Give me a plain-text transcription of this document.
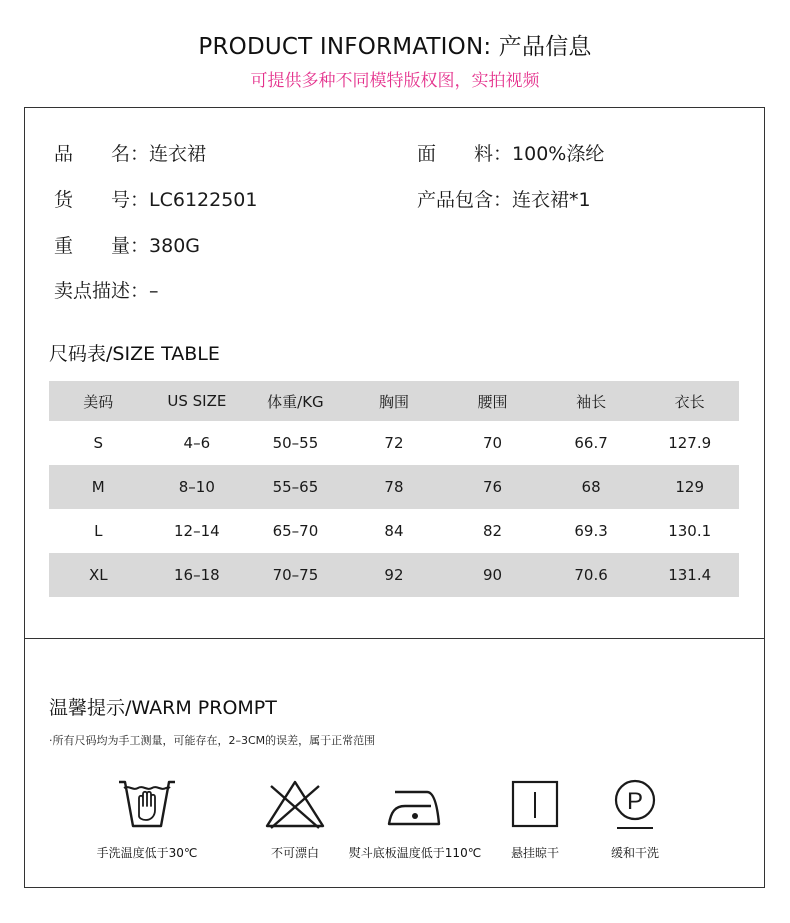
PRODUCT INFORMATION: 产品信息
可提供多种不同模特版权图，实拍视频
品　　名：连衣裙	面　　料：100%涤纶
货　　号：LC6122501	产品包含：连衣裙*1
重　　量：380G
卖点描述：–
尺码表/SIZE TABLE
美码	US SIZE	体重/KG	胸围	腰围	袖长	衣长
S	4–6	50–55	72	70	66.7	127.9
M	8–10	55–65	78	76	68	129
L	12–14	65–70	84	82	69.3	130.1
XL	16–18	70–75	92	90	70.6	131.4
温馨提示/WARM PROMPT
·所有尺码均为手工测量，可能存在，2–3CM的误差，属于正常范围
手洗温度低于30℃	不可漂白	熨斗底板温度低于110℃	悬挂晾干
P
缓和干洗
